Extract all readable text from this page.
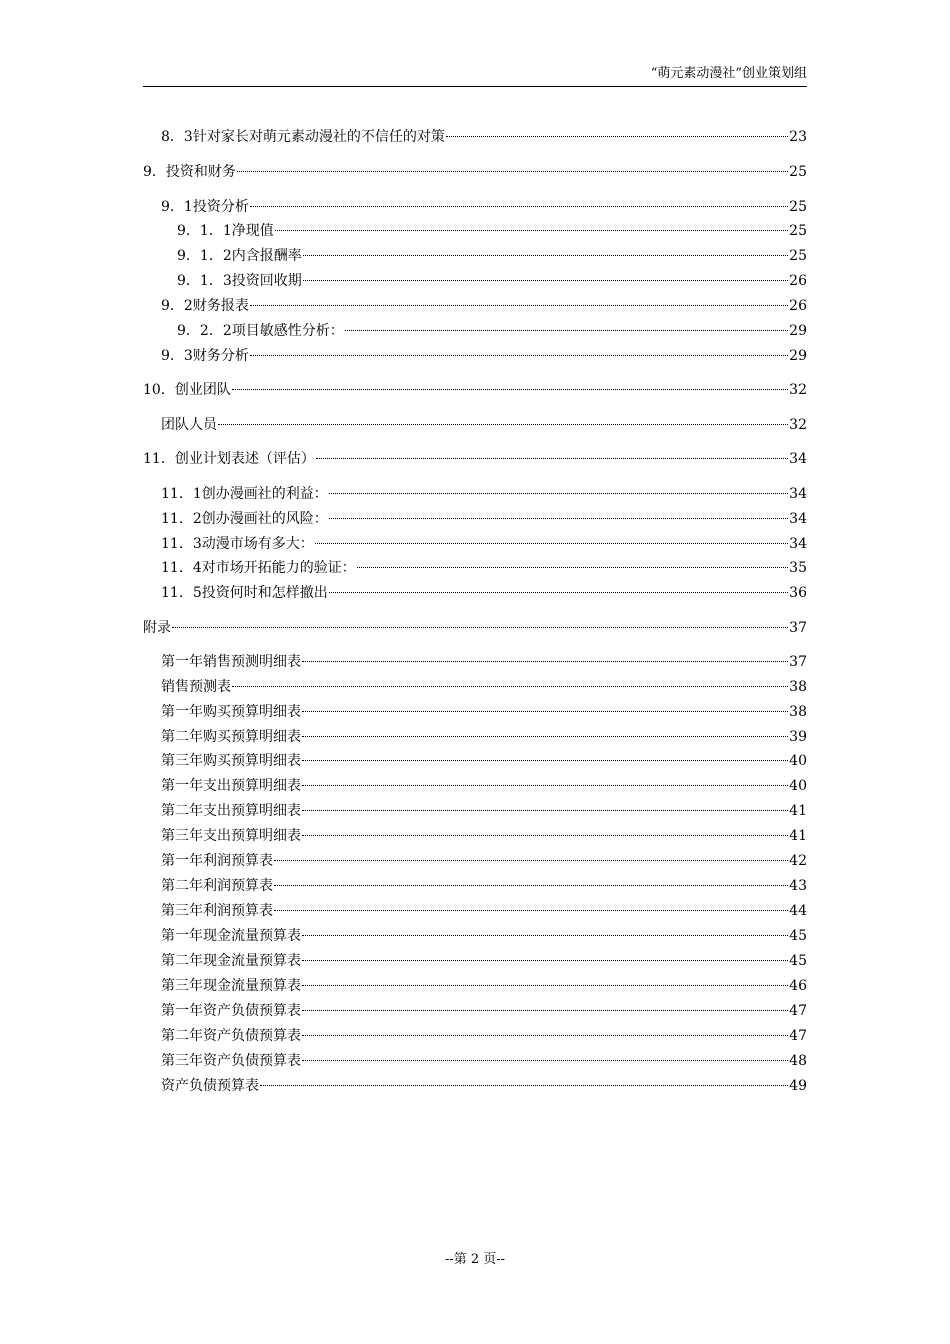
“萌元素动漫社”创业策划组
8．3针对家长对萌元素动漫社的不信任的对策	23
9．投资和财务	25
9．1投资分析	25
9．1．1净现值	25
9．1．2内含报酬率	25
9．1．3投资回收期	26
9．2财务报表	26
9．2．2项目敏感性分析：	29
9．3财务分析	29
10．创业团队	32
团队人员	32
11．创业计划表述（评估）	34
11．1创办漫画社的利益：	34
11．2创办漫画社的风险：	34
11．3动漫市场有多大：	34
11．4对市场开拓能力的验证：	35
11．5投资何时和怎样撤出	36
附录	37
第一年销售预测明细表	37
销售预测表	38
第一年购买预算明细表	38
第二年购买预算明细表	39
第三年购买预算明细表	40
第一年支出预算明细表	40
第二年支出预算明细表	41
第三年支出预算明细表	41
第一年利润预算表	42
第二年利润预算表	43
第三年利润预算表	44
第一年现金流量预算表	45
第二年现金流量预算表	45
第三年现金流量预算表	46
第一年资产负债预算表	47
第二年资产负债预算表	47
第三年资产负债预算表	48
资产负债预算表	49
--第 2 页--
